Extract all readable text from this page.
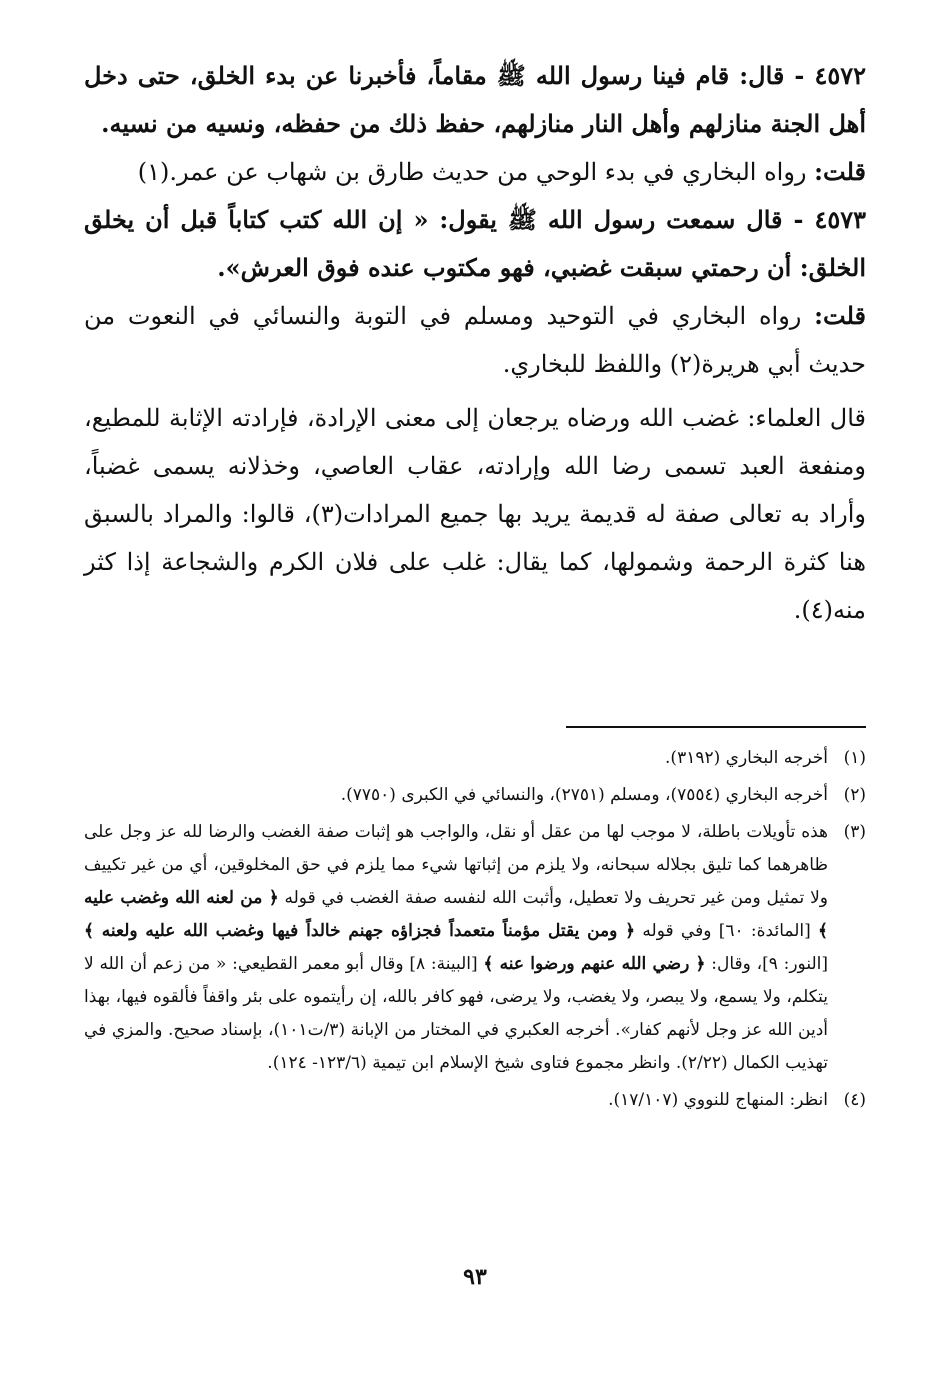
٤٥٧٢ - قال: قام فينا رسول الله ﷺ مقاماً، فأخبرنا عن بدء الخلق، حتى دخل أهل الجنة منازلهم وأهل النار منازلهم، حفظ ذلك من حفظه، ونسيه من نسيه.

قلت: رواه البخاري في بدء الوحي من حديث طارق بن شهاب عن عمر.(١)

٤٥٧٣ - قال سمعت رسول الله ﷺ يقول: « إن الله كتب كتاباً قبل أن يخلق الخلق: أن رحمتي سبقت غضبي، فهو مكتوب عنده فوق العرش».

قلت: رواه البخاري في التوحيد ومسلم في التوبة والنسائي في النعوت من حديث أبي هريرة(٢) واللفظ للبخاري.

قال العلماء: غضب الله ورضاه يرجعان إلى معنى الإرادة، فإرادته الإثابة للمطيع، ومنفعة العبد تسمى رضا الله وإرادته، عقاب العاصي، وخذلانه يسمى غضباً، وأراد به تعالى صفة له قديمة يريد بها جميع المرادات(٣)، قالوا: والمراد بالسبق هنا كثرة الرحمة وشمولها، كما يقال: غلب على فلان الكرم والشجاعة إذا كثر منه(٤).

(١)أخرجه البخاري (٣١٩٢).

(٢)أخرجه البخاري (٧٥٥٤)، ومسلم (٢٧٥١)، والنسائي في الكبرى (٧٧٥٠).

(٣)هذه تأويلات باطلة، لا موجب لها من عقل أو نقل، والواجب هو إثبات صفة الغضب والرضا لله عز وجل على ظاهرهما كما تليق بجلاله سبحانه، ولا يلزم من إثباتها شيء مما يلزم في حق المخلوقين، أي من غير تكييف ولا تمثيل ومن غير تحريف ولا تعطيل، وأثبت الله لنفسه صفة الغضب في قوله ﴿ من لعنه الله وغضب عليه ﴾ [المائدة: ٦٠] وفي قوله ﴿ ومن يقتل مؤمناً متعمداً فجزاؤه جهنم خالداً فيها وغضب الله عليه ولعنه ﴾ [النور: ٩]، وقال: ﴿ رضي الله عنهم ورضوا عنه ﴾ [البينة: ٨] وقال أبو معمر القطيعي: « من زعم أن الله لا يتكلم، ولا يسمع، ولا يبصر، ولا يغضب، ولا يرضى، فهو كافر بالله، إن رأيتموه على بئر واقفاً فألقوه فيها، بهذا أدين الله عز وجل لأنهم كفار». أخرجه العكبري في المختار من الإبانة (٣/ت١٠١)، بإسناد صحيح. والمزي في تهذيب الكمال (٢/٢٢). وانظر مجموع فتاوى شيخ الإسلام ابن تيمية (١٢٣/٦- ١٢٤).

(٤)انظر: المنهاج للنووي (١٧/١٠٧).

٩٣
